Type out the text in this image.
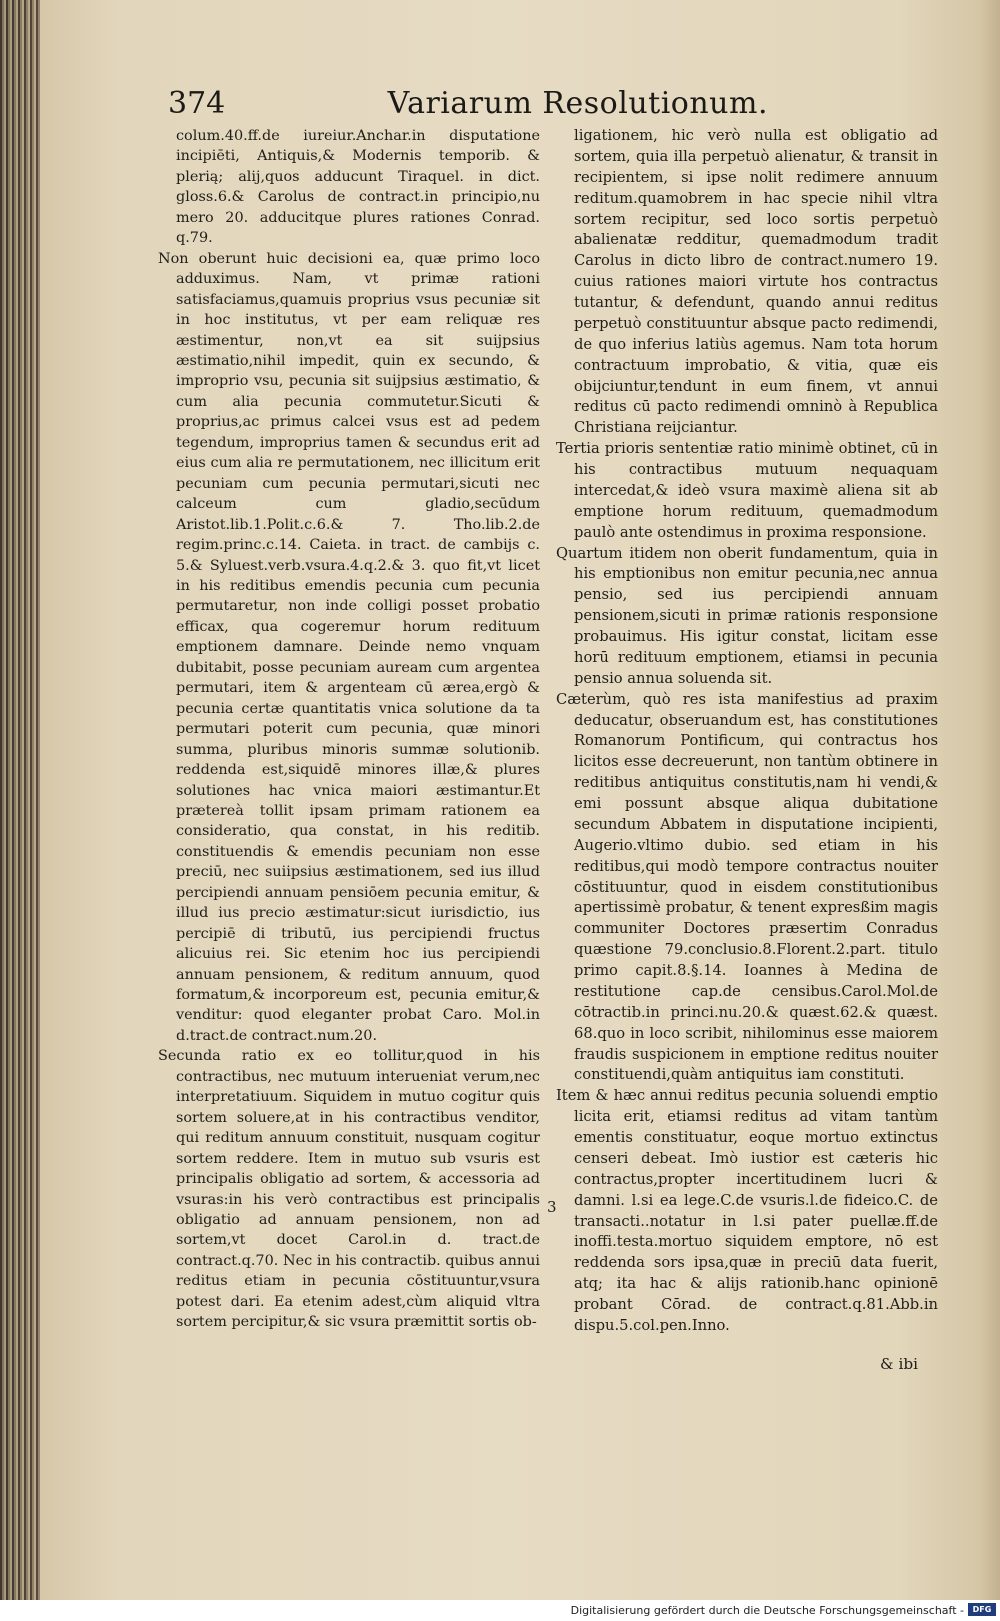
374	Variarum Resolutionum.

colum.40.ff.de iureiur.Anchar.in disputatione incipiēti, Antiquis,& Modernis temporib. & plerią; alij,quos adducunt Tiraquel. in dict. gloss.6.& Carolus de contract.in principio,nu mero 20. adducitque plures rationes Conrad. q.79.

Non oberunt huic decisioni ea, quæ primo loco adduximus. Nam, vt primæ rationi satisfaciamus,quamuis proprius vsus pecuniæ sit in hoc institutus, vt per eam reliquæ res æstimentur, non,vt ea sit suijpsius æstimatio,nihil impedit, quin ex secundo, & improprio vsu, pecunia sit suijpsius æstimatio, & cum alia pecunia commutetur.Sicuti & proprius,ac primus calcei vsus est ad pedem tegendum, improprius tamen & secundus erit ad eius cum alia re permutationem, nec illicitum erit pecuniam cum pecunia permutari,sicuti nec calceum cum gladio,secūdum Aristot.lib.1.Polit.c.6.& 7. Tho.lib.2.de regim.princ.c.14. Caieta. in tract. de cambijs c. 5.& Syluest.verb.vsura.4.q.2.& 3. quo fit,vt licet in his reditibus emendis pecunia cum pecunia permutaretur, non inde colligi posset probatio efficax, qua cogeremur horum redituum emptionem damnare. Deinde nemo vnquam dubitabit, posse pecuniam auream cum argentea permutari, item & argenteam cū ærea,ergò & pecunia certæ quantitatis vnica solutione da ta permutari poterit cum pecunia, quæ minori summa, pluribus minoris summæ solutionib. reddenda est,siquidē minores illæ,& plures solutiones hac vnica maiori æstimantur.Et prætereà tollit ipsam primam rationem ea consideratio, qua constat, in his reditib. constituendis & emendis pecuniam non esse preciū, nec suiipsius æstimationem, sed ius illud percipiendi annuam pensiōem pecunia emitur, & illud ius precio æstimatur:sicut iurisdictio, ius percipiē di tributū, ius percipiendi fructus alicuius rei. Sic etenim hoc ius percipiendi annuam pensionem, & reditum annuum, quod formatum,& incorporeum est, pecunia emitur,& venditur: quod eleganter probat Caro. Mol.in d.tract.de contract.num.20.

Secunda ratio ex eo tollitur,quod in his contractibus, nec mutuum interueniat verum,nec interpretatiuum. Siquidem in mutuo cogitur quis sortem soluere,at in his contractibus venditor, qui reditum annuum constituit, nusquam cogitur sortem reddere. Item in mutuo sub vsuris est principalis obligatio ad sortem, & accessoria ad vsuras:in his verò contractibus est principalis obligatio ad annuam pensionem, non ad sortem,vt docet Carol.in d. tract.de contract.q.70. Nec in his contractib. quibus annui reditus etiam in pecunia cōstituuntur,vsura potest dari. Ea etenim adest,cùm aliquid vltra sortem percipitur,& sic vsura præmittit sortis ob-

ligationem, hic verò nulla est obligatio ad sortem, quia illa perpetuò alienatur, & transit in recipientem, si ipse nolit redimere annuum reditum.quamobrem in hac specie nihil vltra sortem recipitur, sed loco sortis perpetuò abalienatæ redditur, quemadmodum tradit Carolus in dicto libro de contract.numero 19. cuius rationes maiori virtute hos contractus tutantur, & defendunt, quando annui reditus perpetuò constituuntur absque pacto redimendi, de quo inferius latiùs agemus. Nam tota horum contractuum improbatio, & vitia, quæ eis obijciuntur,tendunt in eum finem, vt annui reditus cū pacto redimendi omninò à Republica Christiana reijciantur.

Tertia prioris sententiæ ratio minimè obtinet, cū in his contractibus mutuum nequaquam intercedat,& ideò vsura maximè aliena sit ab emptione horum redituum, quemadmodum paulò ante ostendimus in proxima responsione.

Quartum itidem non oberit fundamentum, quia in his emptionibus non emitur pecunia,nec annua pensio, sed ius percipiendi annuam pensionem,sicuti in primæ rationis responsione probauimus. His igitur constat, licitam esse horū redituum emptionem, etiamsi in pecunia pensio annua soluenda sit.

Cæterùm, quò res ista manifestius ad praxim deducatur, obseruandum est, has constitutiones Romanorum Pontificum, qui contractus hos licitos esse decreuerunt, non tantùm obtinere in reditibus antiquitus constitutis,nam hi vendi,& emi possunt absque aliqua dubitatione secundum Abbatem in disputatione incipienti, Augerio.vltimo dubio. sed etiam in his reditibus,qui modò tempore contractus nouiter cōstituuntur, quod in eisdem constitutionibus apertissimè probatur, & tenent expresßim magis communiter Doctores præsertim Conradus quæstione 79.conclusio.8.Florent.2.part. titulo primo capit.8.§.14. Ioannes à Medina de restitutione cap.de censibus.Carol.Mol.de cōtractib.in princi.nu.20.& quæst.62.& quæst. 68.quo in loco scribit, nihilominus esse maiorem fraudis suspicionem in emptione reditus nouiter constituendi,quàm antiquitus iam constituti.

Item & hæc annui reditus pecunia soluendi emptio licita erit, etiamsi reditus ad vitam tantùm ementis constituatur, eoque mortuo extinctus censeri debeat. Imò iustior est cæteris hic contractus,propter incertitudinem lucri & damni. l.si ea lege.C.de vsuris.l.de fideico.C. de transacti..notatur in l.si pater puellæ.ff.de inoffi.testa.mortuo siquidem emptore, nō est reddenda sors ipsa,quæ in preciū data fuerit, atq; ita hac & alijs rationib.hanc opinionē probant Cōrad. de contract.q.81.Abb.in dispu.5.col.pen.Inno.

3
& ibi
Digitalisierung gefördert durch die Deutsche Forschungsgemeinschaft -	DFG
